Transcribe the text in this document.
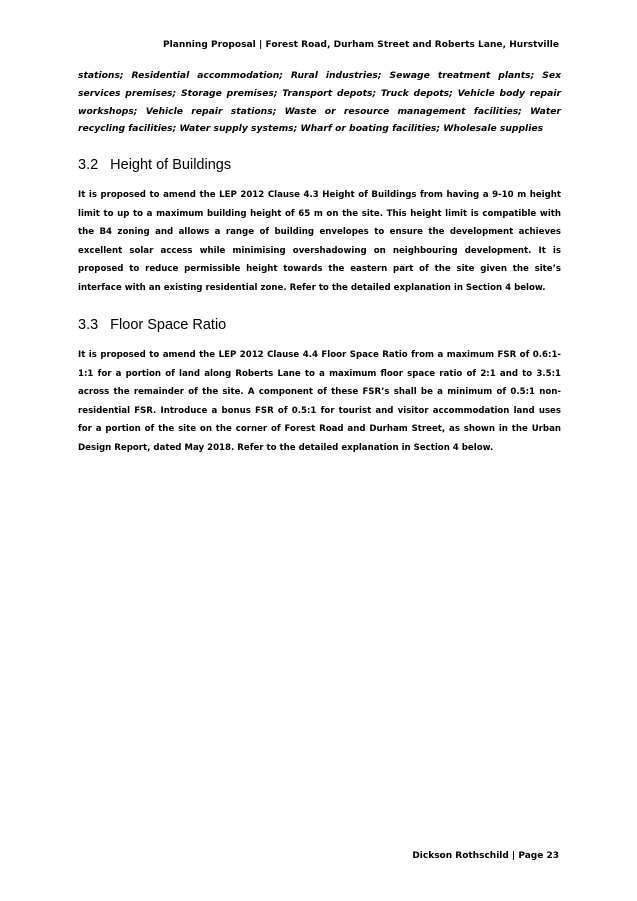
Planning Proposal | Forest Road, Durham Street and Roberts Lane, Hurstville

stations; Residential accommodation; Rural industries; Sewage treatment plants; Sex services premises; Storage premises; Transport depots; Truck depots; Vehicle body repair workshops; Vehicle repair stations; Waste or resource management facilities; Water recycling facilities; Water supply systems; Wharf or boating facilities; Wholesale supplies

3.2 Height of Buildings

It is proposed to amend the LEP 2012 Clause 4.3 Height of Buildings from having a 9-10 m height limit to up to a maximum building height of 65 m on the site. This height limit is compatible with the B4 zoning and allows a range of building envelopes to ensure the development achieves excellent solar access while minimising overshadowing on neighbouring development. It is proposed to reduce permissible height towards the eastern part of the site given the site’s interface with an existing residential zone. Refer to the detailed explanation in Section 4 below.

3.3 Floor Space Ratio

It is proposed to amend the LEP 2012 Clause 4.4 Floor Space Ratio from a maximum FSR of 0.6:1-1:1 for a portion of land along Roberts Lane to a maximum floor space ratio of 2:1 and to 3.5:1 across the remainder of the site. A component of these FSR’s shall be a minimum of 0.5:1 non-residential FSR. Introduce a bonus FSR of 0.5:1 for tourist and visitor accommodation land uses for a portion of the site on the corner of Forest Road and Durham Street, as shown in the Urban Design Report, dated May 2018. Refer to the detailed explanation in Section 4 below.

Dickson Rothschild | Page 23
